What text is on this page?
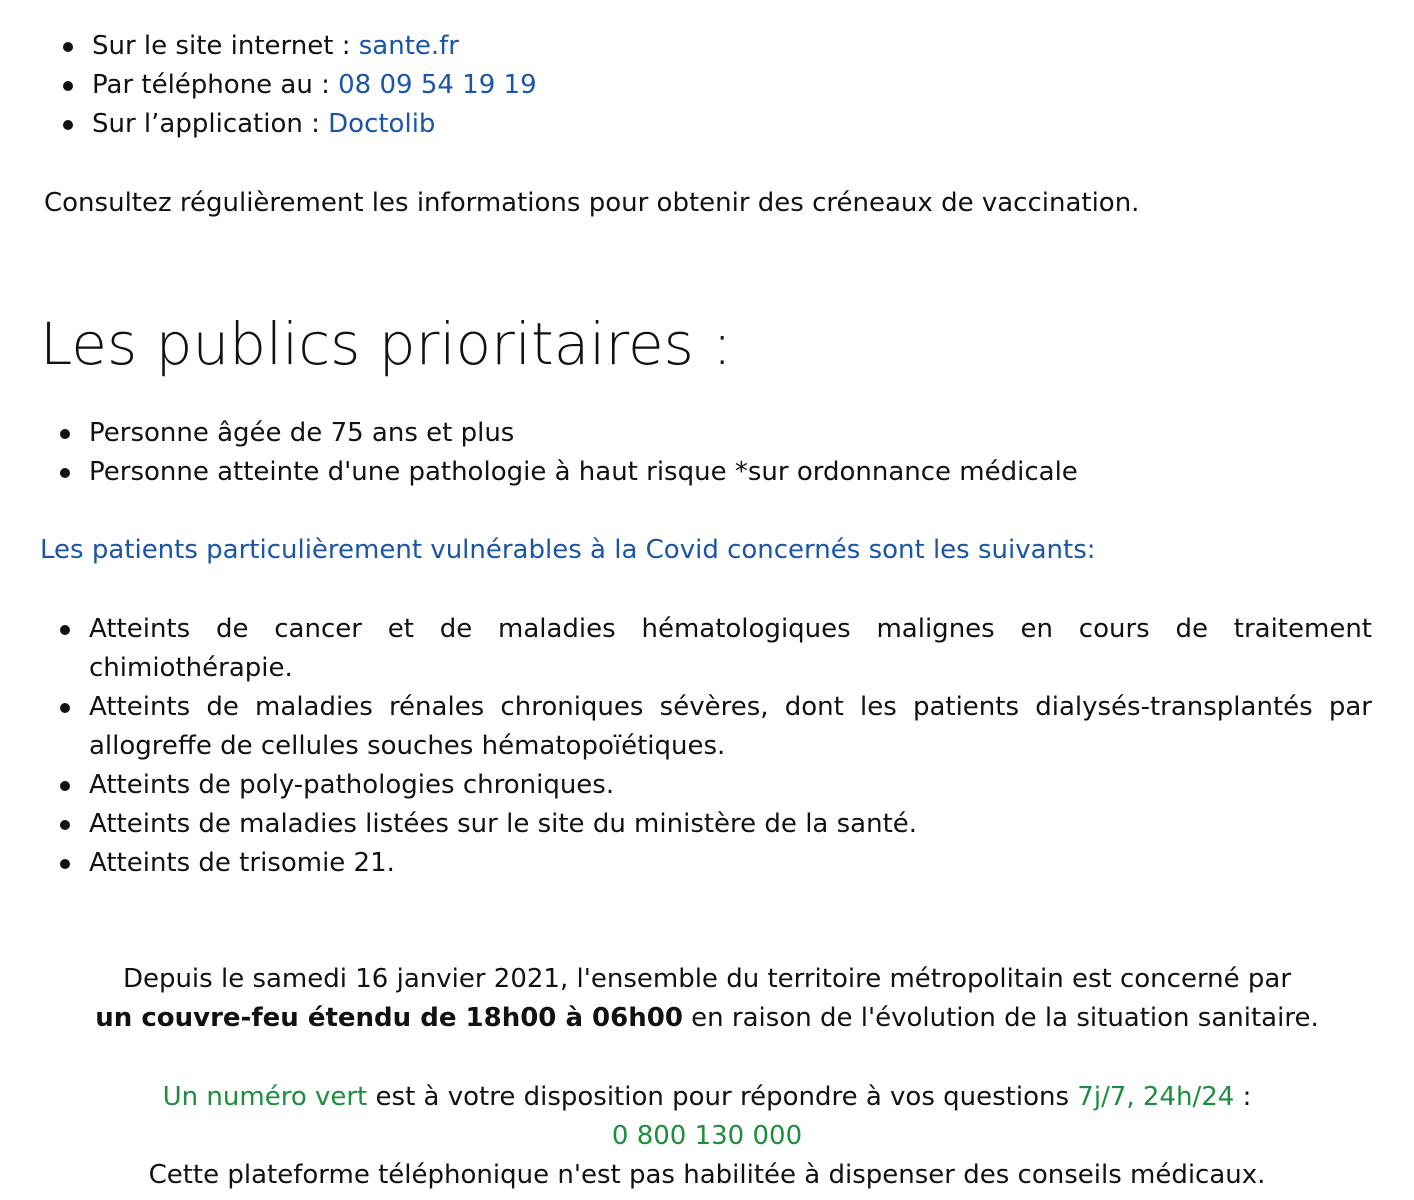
Sur le site internet : sante.fr
Par téléphone au : 08 09 54 19 19
Sur l’application : Doctolib

Consultez régulièrement les informations pour obtenir des créneaux de vaccination.

Les publics prioritaires :
Personne âgée de 75 ans et plus
Personne atteinte d'une pathologie à haut risque *sur ordonnance médicale

Les patients particulièrement vulnérables à la Covid concernés sont les suivants:

Atteints de cancer et de maladies hématologiques malignes en cours de traitement chimiothérapie.
Atteints de maladies rénales chroniques sévères, dont les patients dialysés-transplantés par allogreffe de cellules souches hématopoïétiques.
Atteints de poly-pathologies chroniques.
Atteints de maladies listées sur le site du ministère de la santé.
Atteints de trisomie 21.

Depuis le samedi 16 janvier 2021, l'ensemble du territoire métropolitain est concerné par
un couvre-feu étendu de 18h00 à 06h00 en raison de l'évolution de la situation sanitaire.

Un numéro vert est à votre disposition pour répondre à vos questions 7j/7, 24h/24 :
0 800 130 000
Cette plateforme téléphonique n'est pas habilitée à dispenser des conseils médicaux.
